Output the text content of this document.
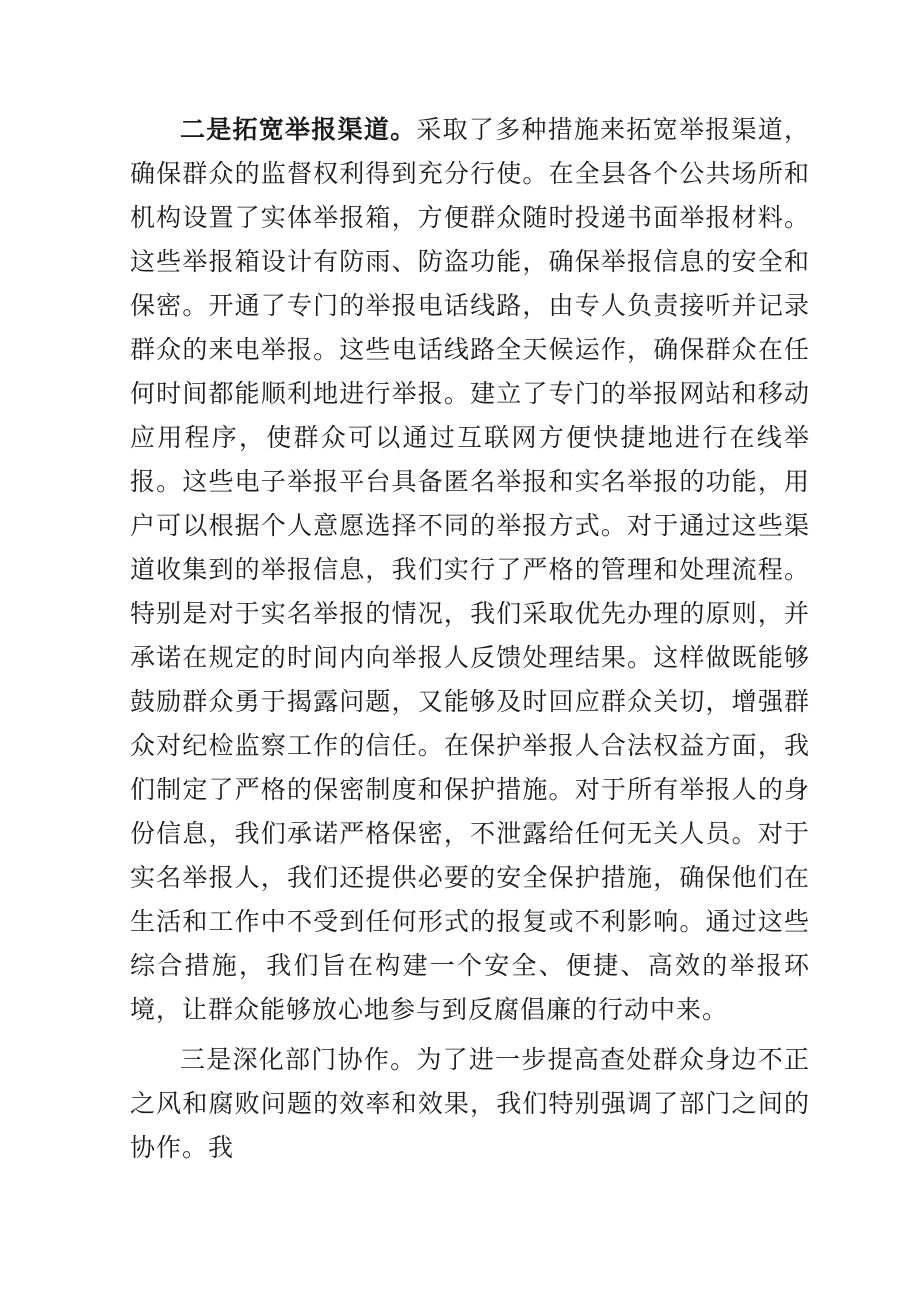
二是拓宽举报渠道。采取了多种措施来拓宽举报渠道，确保群众的监督权利得到充分行使。在全县各个公共场所和机构设置了实体举报箱，方便群众随时投递书面举报材料。这些举报箱设计有防雨、防盗功能，确保举报信息的安全和保密。开通了专门的举报电话线路，由专人负责接听并记录群众的来电举报。这些电话线路全天候运作，确保群众在任何时间都能顺利地进行举报。建立了专门的举报网站和移动应用程序，使群众可以通过互联网方便快捷地进行在线举报。这些电子举报平台具备匿名举报和实名举报的功能，用户可以根据个人意愿选择不同的举报方式。对于通过这些渠道收集到的举报信息，我们实行了严格的管理和处理流程。特别是对于实名举报的情况，我们采取优先办理的原则，并承诺在规定的时间内向举报人反馈处理结果。这样做既能够鼓励群众勇于揭露问题，又能够及时回应群众关切，增强群众对纪检监察工作的信任。在保护举报人合法权益方面，我们制定了严格的保密制度和保护措施。对于所有举报人的身份信息，我们承诺严格保密，不泄露给任何无关人员。对于实名举报人，我们还提供必要的安全保护措施，确保他们在生活和工作中不受到任何形式的报复或不利影响。通过这些综合措施，我们旨在构建一个安全、便捷、高效的举报环境，让群众能够放心地参与到反腐倡廉的行动中来。

三是深化部门协作。为了进一步提高查处群众身边不正之风和腐败问题的效率和效果，我们特别强调了部门之间的协作。我
